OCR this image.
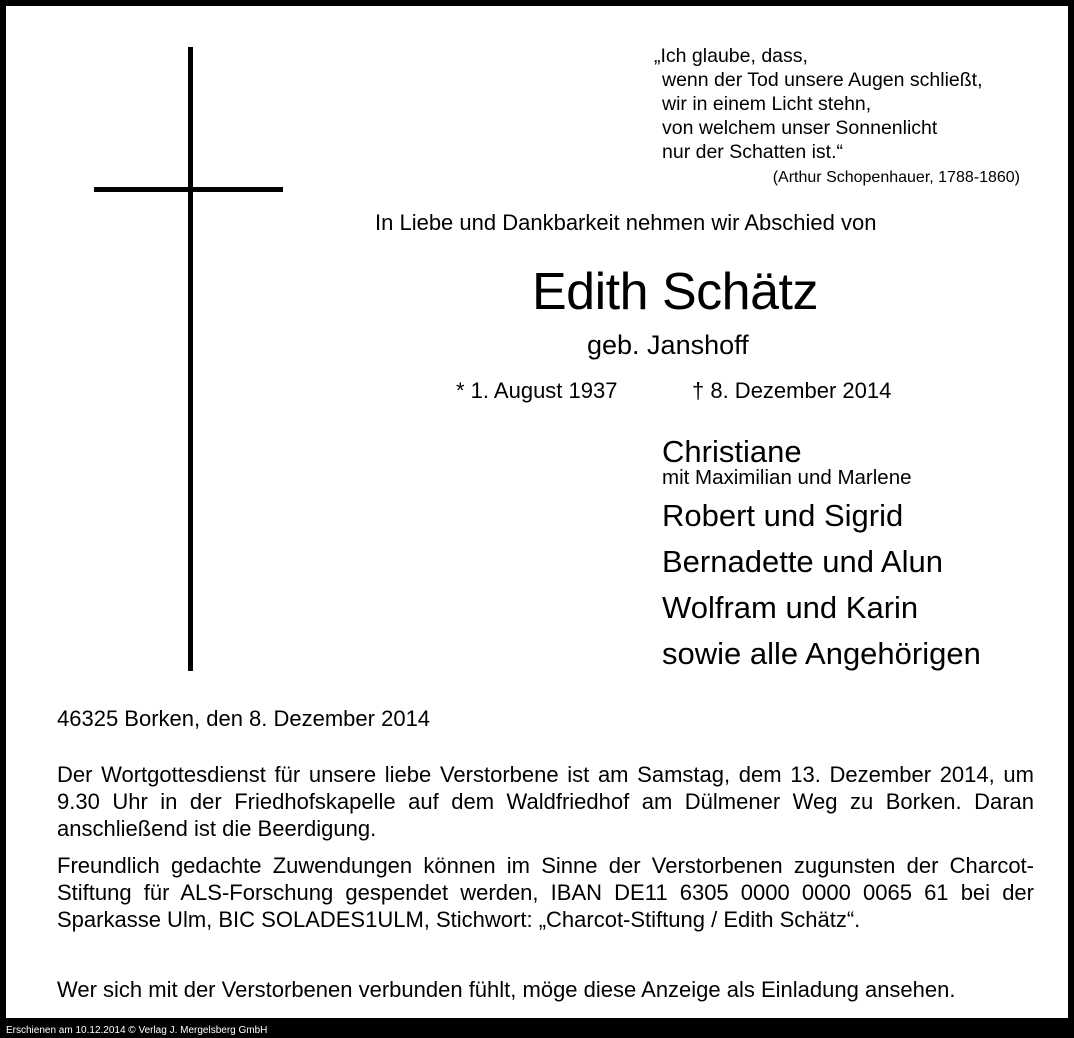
„Ich glaube, dass,
wenn der Tod unsere Augen schließt,
wir in einem Licht stehn,
von welchem unser Sonnenlicht
nur der Schatten ist.“
(Arthur Schopenhauer, 1788-1860)
In Liebe und Dankbarkeit nehmen wir Abschied von
Edith Schätz
geb. Janshoff
* 1. August 1937	† 8. Dezember 2014
Christiane
mit Maximilian und Marlene
Robert und Sigrid
Bernadette und Alun
Wolfram und Karin
sowie alle Angehörigen
46325 Borken, den 8. Dezember 2014
Der Wortgottesdienst für unsere liebe Verstorbene ist am Samstag, dem 13. Dezember 2014, um 9.30 Uhr in der Friedhofskapelle auf dem Waldfriedhof am Dülmener Weg zu Borken. Daran anschließend ist die Beerdigung.
Freundlich gedachte Zuwendungen können im Sinne der Verstorbenen zugunsten der Charcot-Stiftung für ALS-Forschung gespendet werden, IBAN DE11 6305 0000 0000 0065 61 bei der Sparkasse Ulm, BIC SOLADES1ULM, Stichwort: „Charcot-Stiftung / Edith Schätz“.
Wer sich mit der Verstorbenen verbunden fühlt, möge diese Anzeige als Einladung ansehen.
Erschienen am 10.12.2014 © Verlag J. Mergelsberg GmbH
